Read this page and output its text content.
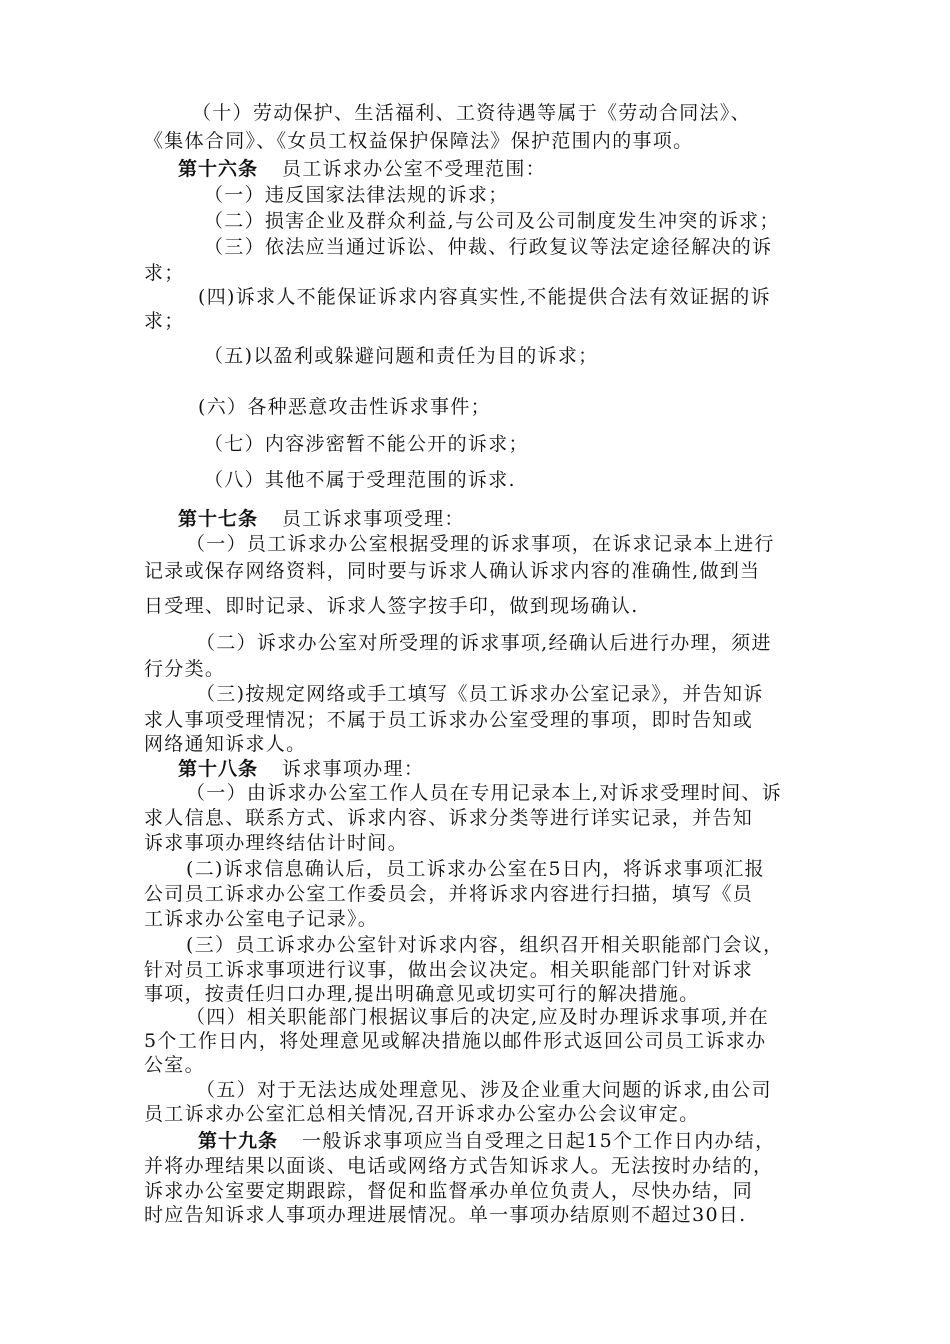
（十）劳动保护、生活福利、工资待遇等属于《劳动合同法》、
《集体合同》、《女员工权益保护保障法》保护范围内的事项。
第十六条 员工诉求办公室不受理范围：
（一）违反国家法律法规的诉求；
（二）损害企业及群众利益,与公司及公司制度发生冲突的诉求；
（三）依法应当通过诉讼、仲裁、行政复议等法定途径解决的诉
求；
(四)诉求人不能保证诉求内容真实性,不能提供合法有效证据的诉
求；
（五)以盈利或躲避问题和责任为目的诉求；
(六）各种恶意攻击性诉求事件；
（七）内容涉密暂不能公开的诉求；
（八）其他不属于受理范围的诉求.
第十七条 员工诉求事项受理：
（一）员工诉求办公室根据受理的诉求事项，在诉求记录本上进行
记录或保存网络资料，同时要与诉求人确认诉求内容的准确性,做到当
日受理、即时记录、诉求人签字按手印，做到现场确认.
（二）诉求办公室对所受理的诉求事项,经确认后进行办理，须进
行分类。
（三)按规定网络或手工填写《员工诉求办公室记录》，并告知诉
求人事项受理情况；不属于员工诉求办公室受理的事项，即时告知或
网络通知诉求人。
第十八条 诉求事项办理：
（一）由诉求办公室工作人员在专用记录本上,对诉求受理时间、诉
求人信息、联系方式、诉求内容、诉求分类等进行详实记录，并告知
诉求事项办理终结估计时间。
(二)诉求信息确认后，员工诉求办公室在5日内，将诉求事项汇报
公司员工诉求办公室工作委员会，并将诉求内容进行扫描，填写《员
工诉求办公室电子记录》。
(三）员工诉求办公室针对诉求内容，组织召开相关职能部门会议，
针对员工诉求事项进行议事，做出会议决定。相关职能部门针对诉求
事项，按责任归口办理,提出明确意见或切实可行的解决措施。
（四）相关职能部门根据议事后的决定,应及时办理诉求事项,并在
5个工作日内，将处理意见或解决措施以邮件形式返回公司员工诉求办
公室。
（五）对于无法达成处理意见、涉及企业重大问题的诉求,由公司
员工诉求办公室汇总相关情况,召开诉求办公室办公会议审定。
第十九条 一般诉求事项应当自受理之日起15个工作日内办结，
并将办理结果以面谈、电话或网络方式告知诉求人。无法按时办结的，
诉求办公室要定期跟踪，督促和监督承办单位负责人，尽快办结，同
时应告知诉求人事项办理进展情况。单一事项办结原则不超过30日.
